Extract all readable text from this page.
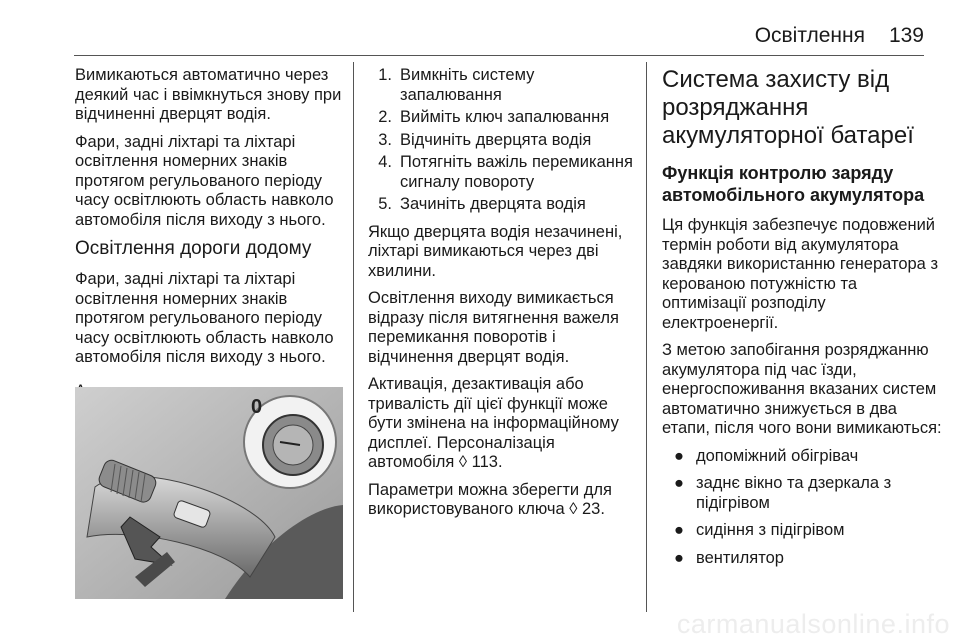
Освітлення 139

Вимикаються автоматично через деякий час і ввімкнуться знову при відчиненні дверцят водія.

Фари, задні ліхтарі та ліхтарі освітлення номерних знаків протягом регульованого періоду часу освітлюють область навколо автомобіля після виходу з нього.

Освітлення дороги додому

Фари, задні ліхтарі та ліхтарі освітлення номерних знаків протягом регульованого періоду часу освітлюють область навколо автомобіля після виходу з нього.

0
1. Вимкніть систему запалювання
2. Вийміть ключ запалювання
3. Відчиніть дверцята водія
4. Потягніть важіль перемикання сигналу повороту
5. Зачиніть дверцята водія

Якщо дверцята водія незачинені, ліхтарі вимикаються через дві хвилини.

Освітлення виходу вимикається відразу після витягнення важеля перемикання поворотів і відчинення дверцят водія.

Активація, дезактивація або тривалість дії цієї функції може бути змінена на інформаційному дисплеї. Персоналізація автомобіля ◊ 113.

Параметри можна зберегти для використовуваного ключа ◊ 23.

Система захисту від розряджання акумуляторної батареї
Функція контролю заряду автомобільного акумулятора

Ця функція забезпечує подовжений термін роботи від акумулятора завдяки використанню генератора з керованою потужністю та оптимізації розподілу електроенергії.

З метою запобігання розряджанню акумулятора під час їзди, енергоспоживання вказаних систем автоматично знижується в два етапи, після чого вони вимикаються:

● допоміжний обігрівач
● заднє вікно та дзеркала з підігрівом
● сидіння з підігрівом
● вентилятор
carmanualsonline.info
